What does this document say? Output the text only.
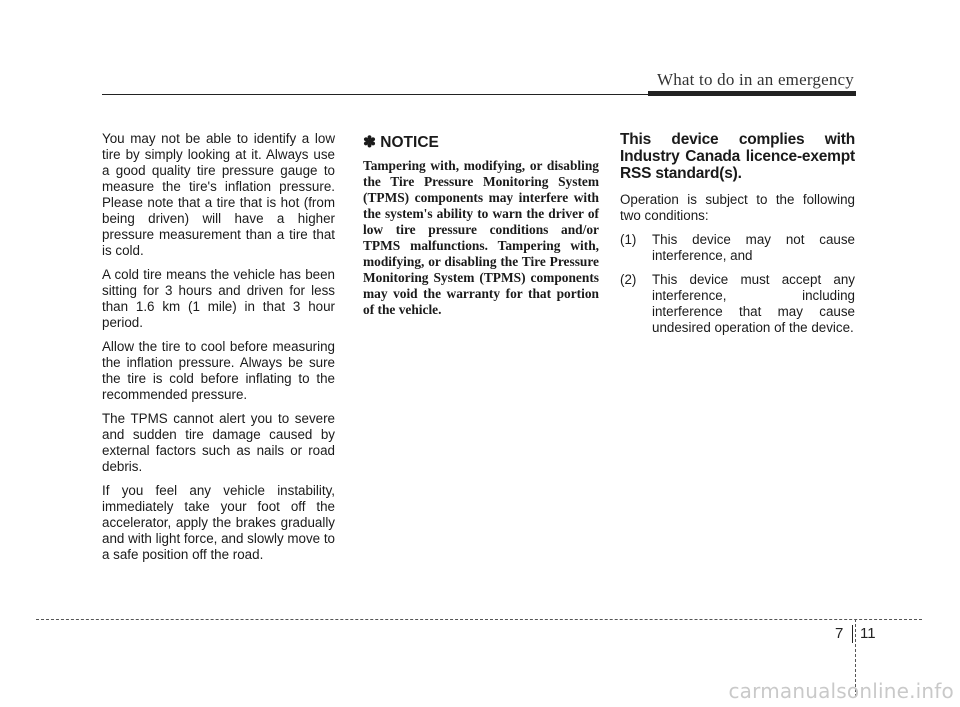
What to do in an emergency

You may not be able to identify a low tire by simply looking at it. Always use a good quality tire pressure gauge to measure the tire's inflation pressure. Please note that a tire that is hot (from being driven) will have a higher pressure measurement than a tire that is cold.

A cold tire means the vehicle has been sitting for 3 hours and driven for less than 1.6 km (1 mile) in that 3 hour period.

Allow the tire to cool before measuring the inflation pressure. Always be sure the tire is cold before inflating to the recommended pressure.

The TPMS cannot alert you to severe and sudden tire damage caused by external factors such as nails or road debris.

If you feel any vehicle instability, immediately take your foot off the accelerator, apply the brakes gradually and with light force, and slowly move to a safe position off the road.

✽ NOTICE
Tampering with, modifying, or disabling the Tire Pressure Monitoring System (TPMS) components may interfere with the system's ability to warn the driver of low tire pressure conditions and/or TPMS malfunctions. Tampering with, modifying, or disabling the Tire Pressure Monitoring System (TPMS) components may void the warranty for that portion of the vehicle.
This device complies with Industry Canada licence-exempt RSS standard(s).

Operation is subject to the following two conditions:

(1)	This device may not cause interference, and
(2)	This device must accept any interference, including interference that may cause undesired operation of the device.
7 11
carmanualsonline.info
